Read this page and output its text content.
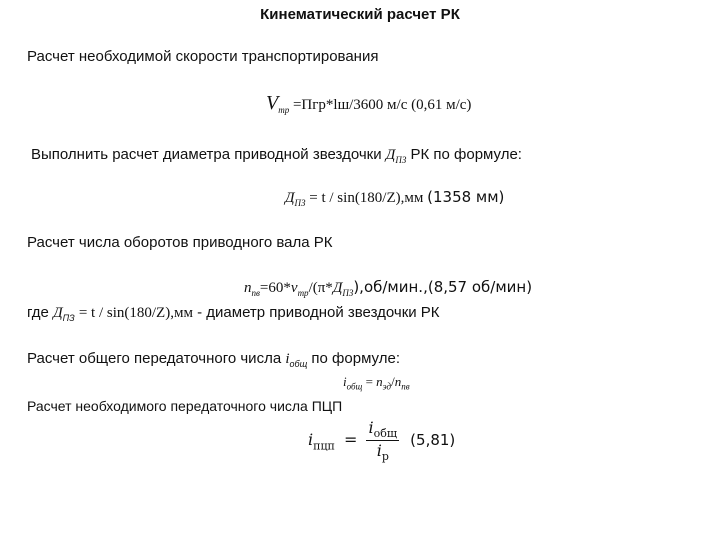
Кинематический расчет РК
Расчет необходимой скорости транспортирования
$V_{тр} =Пгр*lш/3600$ м/с (0,61 м/с)
Выполнить расчет диаметра приводной звездочки $Д_{ПЗ}$ РК по формуле:
$Д_{ПЗ} = t / \sin(180/Z),мм$ (1358 мм)
Расчет числа оборотов приводного вала РК
$n_{пв}=60*v_{тр}/(\pi*Д_{ПЗ}),об/мин.,(8,57$ об/мин)
где $Д_{ПЗ} = t / \sin(180/Z),мм$ - диаметр приводной звездочки РК
Расчет общего передаточного числа $i_{общ}$ по формуле:
$i_{общ} = n_{эд}/n_{пв}$
Расчет необходимого передаточного числа ПЦП
$i_{пцп} = \frac{i_{общ}}{i_р} (5,81)$
